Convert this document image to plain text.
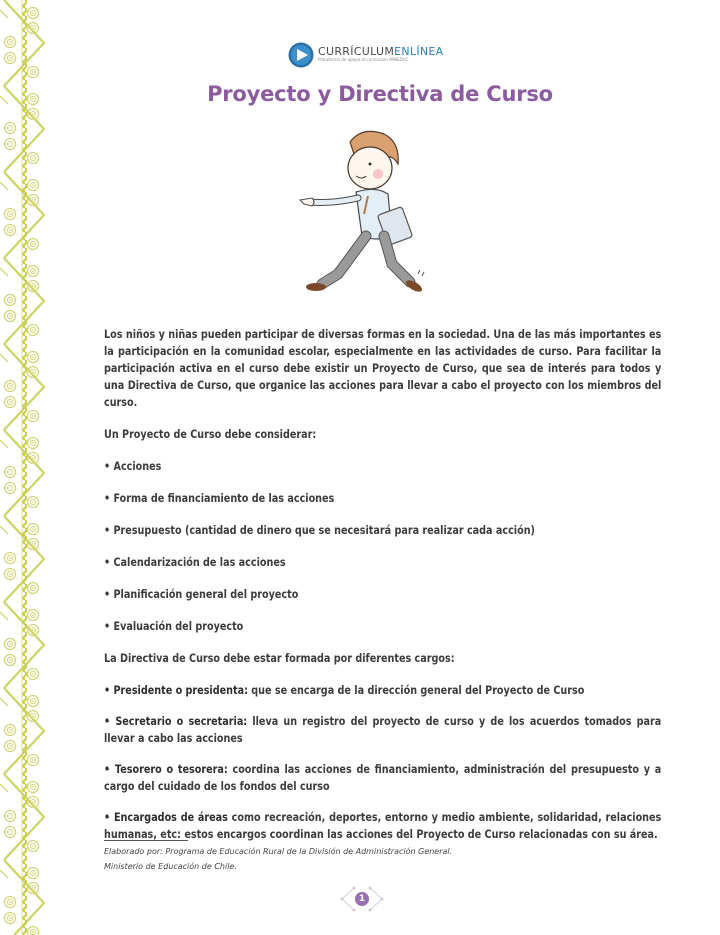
CURRÍCULUMENLÍNEA
Plataforma de apoyo al currículum MINEDUC
Proyecto y Directiva de Curso

Los niños y niñas pueden participar de diversas formas en la sociedad. Una de las más importantes es la participación en la comunidad escolar, especialmente en las actividades de curso. Para facilitar la participación activa en el curso debe existir un Proyecto de Curso, que sea de interés para todos y una Directiva de Curso, que organice las acciones para llevar a cabo el proyecto con los miembros del curso.

Un Proyecto de Curso debe considerar:

• Acciones

• Forma de financiamiento de las acciones

• Presupuesto (cantidad de dinero que se necesitará para realizar cada acción)

• Calendarización de las acciones

• Planificación general del proyecto

• Evaluación del proyecto

La Directiva de Curso debe estar formada por diferentes cargos:

• Presidente o presidenta: que se encarga de la dirección general del Proyecto de Curso

• Secretario o secretaria: lleva un registro del proyecto de curso y de los acuerdos tomados para llevar a cabo las acciones

• Tesorero o tesorera: coordina las acciones de financiamiento, administración del presupuesto y a cargo del cuidado de los fondos del curso

• Encargados de áreas como recreación, deportes, entorno y medio ambiente, solidaridad, relaciones humanas, etc: estos encargos coordinan las acciones del Proyecto de Curso relacionadas con su área.

Elaborado por: Programa de Educación Rural de la División de Administración General.
Ministerio de Educación de Chile.
1
